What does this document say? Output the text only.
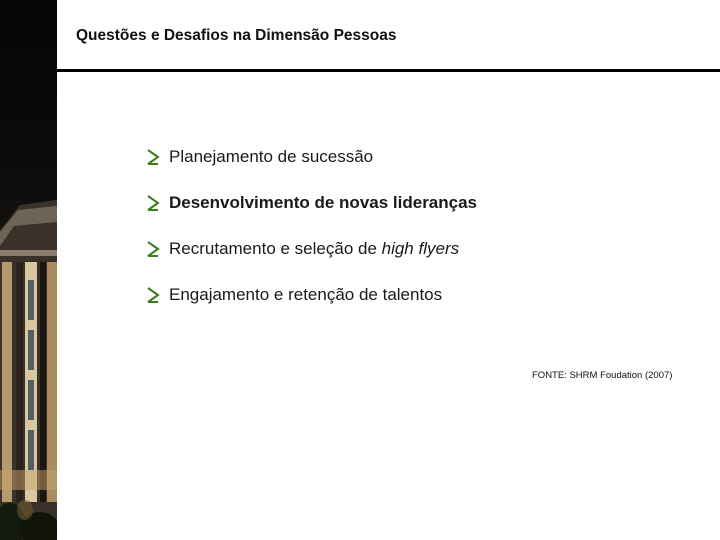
Questões e Desafios na Dimensão Pessoas
Planejamento de sucessão
Desenvolvimento de novas lideranças
Recrutamento e seleção de high flyers
Engajamento e retenção de talentos
FONTE: SHRM Foudation (2007)
